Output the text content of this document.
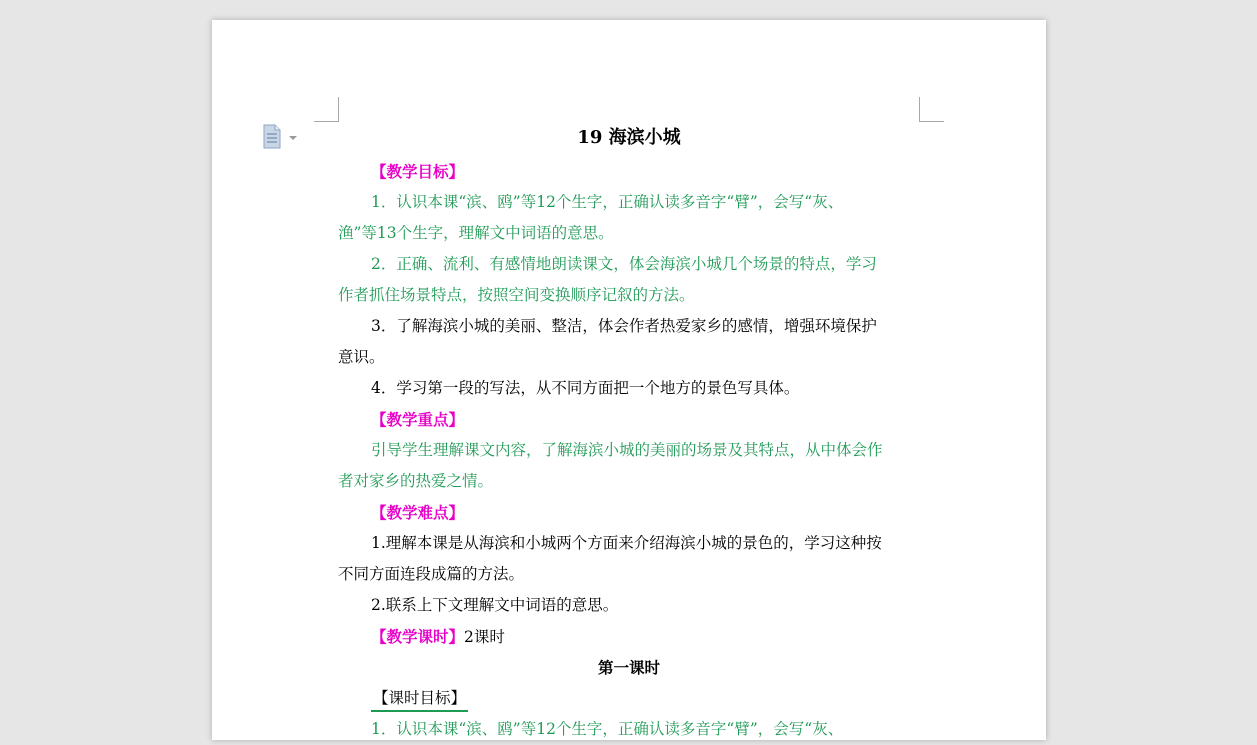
19 海滨小城
【教学目标】
1．认识本课“滨、鸥”等12个生字，正确认读多音字“臂”，会写“灰、
渔”等13个生字，理解文中词语的意思。
2．正确、流利、有感情地朗读课文，体会海滨小城几个场景的特点，学习
作者抓住场景特点，按照空间变换顺序记叙的方法。
3．了解海滨小城的美丽、整洁，体会作者热爱家乡的感情，增强环境保护
意识。
4．学习第一段的写法，从不同方面把一个地方的景色写具体。
【教学重点】
引导学生理解课文内容，了解海滨小城的美丽的场景及其特点，从中体会作
者对家乡的热爱之情。
【教学难点】
1.理解本课是从海滨和小城两个方面来介绍海滨小城的景色的，学习这种按
不同方面连段成篇的方法。
2.联系上下文理解文中词语的意思。
【教学课时】2课时
第一课时
【课时目标】
1．认识本课“滨、鸥”等12个生字，正确认读多音字“臂”，会写“灰、
